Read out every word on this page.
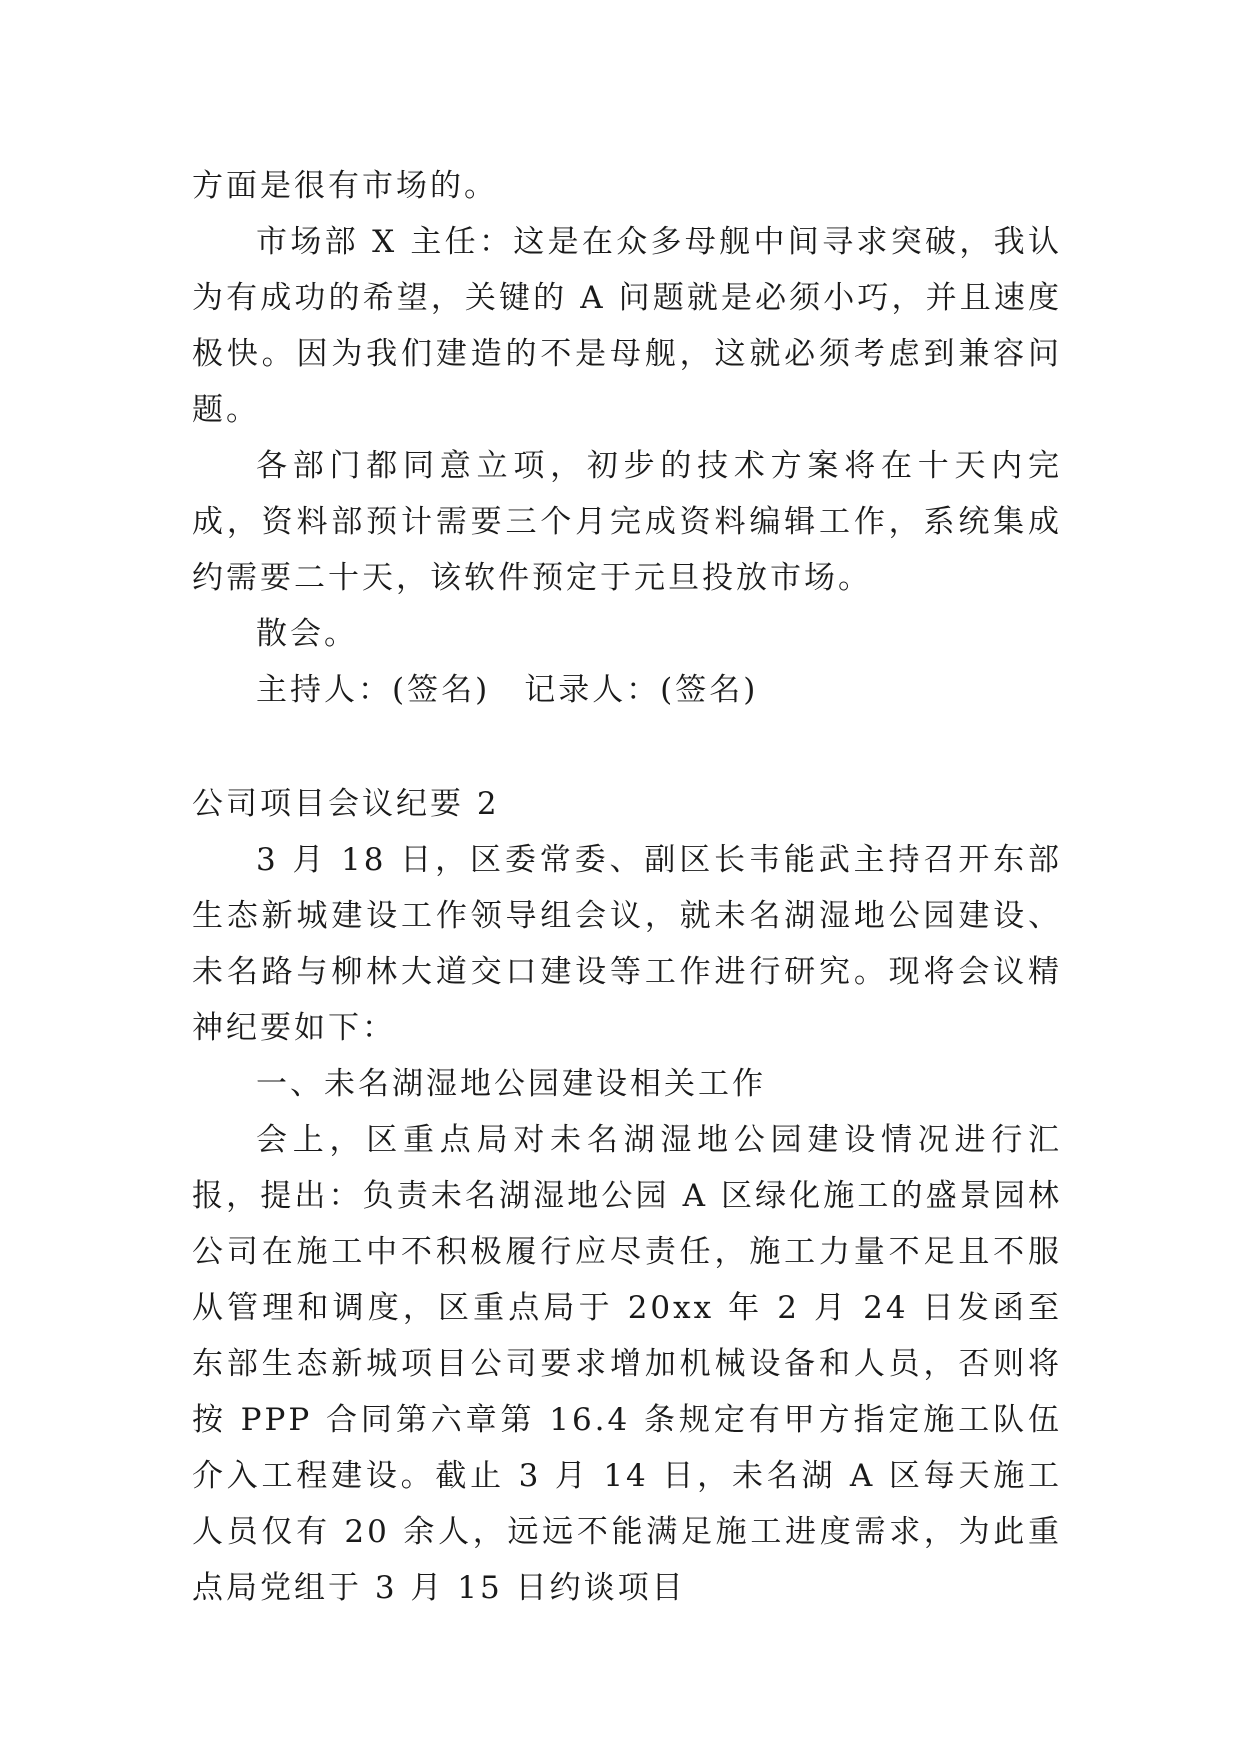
方面是很有市场的。

市场部 X 主任：这是在众多母舰中间寻求突破，我认为有成功的希望，关键的 A 问题就是必须小巧，并且速度极快。因为我们建造的不是母舰，这就必须考虑到兼容问题。

各部门都同意立项，初步的技术方案将在十天内完成，资料部预计需要三个月完成资料编辑工作，系统集成约需要二十天，该软件预定于元旦投放市场。

散会。

主持人：(签名)　记录人：(签名)

公司项目会议纪要 2

3 月 18 日，区委常委、副区长韦能武主持召开东部生态新城建设工作领导组会议，就未名湖湿地公园建设、未名路与柳林大道交口建设等工作进行研究。现将会议精神纪要如下：

一、未名湖湿地公园建设相关工作

会上，区重点局对未名湖湿地公园建设情况进行汇报，提出：负责未名湖湿地公园 A 区绿化施工的盛景园林公司在施工中不积极履行应尽责任，施工力量不足且不服从管理和调度，区重点局于 20xx 年 2 月 24 日发函至东部生态新城项目公司要求增加机械设备和人员，否则将按 PPP 合同第六章第 16.4 条规定有甲方指定施工队伍介入工程建设。截止 3 月 14 日，未名湖 A 区每天施工人员仅有 20 余人，远远不能满足施工进度需求，为此重点局党组于 3 月 15 日约谈项目
